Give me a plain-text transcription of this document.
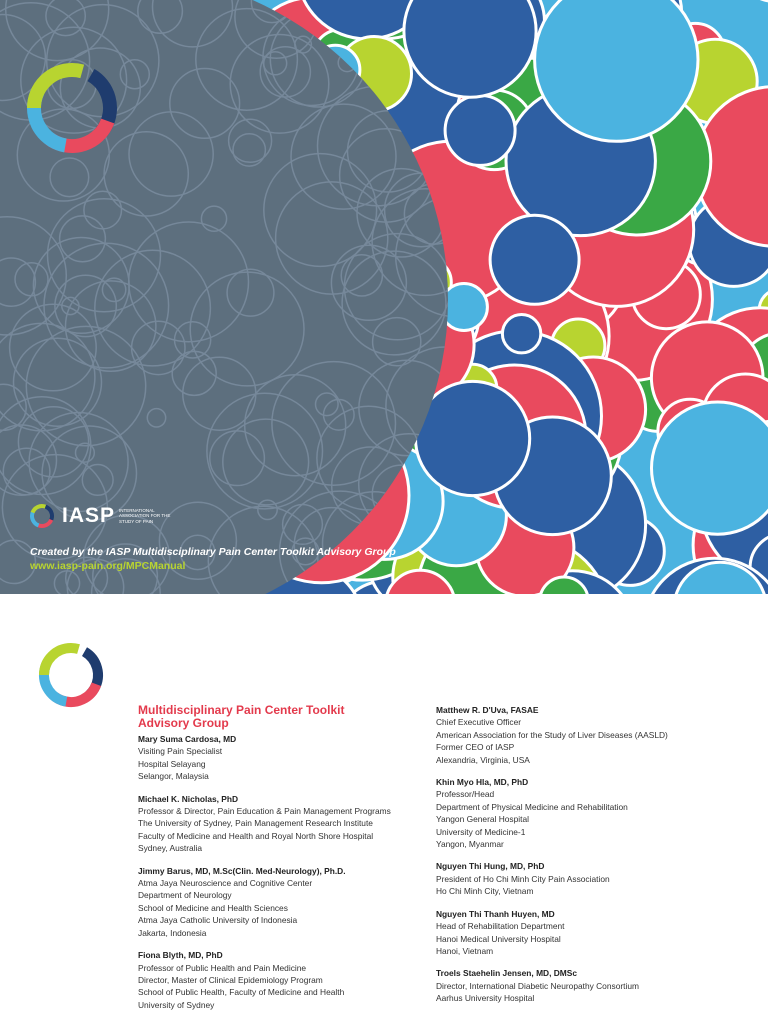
IASP INTERNATIONAL ASSOCIATION FOR THE STUDY OF PAIN
Created by the IASP Multidisciplinary Pain Center Toolkit Advisory Group
www.iasp-pain.org/MPCManual
Multidisciplinary Pain Center Toolkit Advisory Group
Mary Suma Cardosa, MD
Visiting Pain Specialist
Hospital Selayang
Selangor, Malaysia
Michael K. Nicholas, PhD
Professor & Director, Pain Education & Pain Management Programs
The University of Sydney, Pain Management Research Institute
Faculty of Medicine and Health and Royal North Shore Hospital
Sydney, Australia
Jimmy Barus, MD, M.Sc(Clin. Med-Neurology), Ph.D.
Atma Jaya Neuroscience and Cognitive Center
Department of Neurology
School of Medicine and Health Sciences
Atma Jaya Catholic University of Indonesia
Jakarta, Indonesia
Fiona Blyth, MD, PhD
Professor of Public Health and Pain Medicine
Director, Master of Clinical Epidemiology Program
School of Public Health, Faculty of Medicine and Health
University of Sydney
Matthew R. D'Uva, FASAE
Chief Executive Officer
American Association for the Study of Liver Diseases (AASLD)
Former CEO of IASP
Alexandria, Virginia, USA
Khin Myo Hla, MD, PhD
Professor/Head
Department of Physical Medicine and Rehabilitation
Yangon General Hospital
University of Medicine-1
Yangon, Myanmar
Nguyen Thi Hung, MD, PhD
President of Ho Chi Minh City Pain Association
Ho Chi Minh City, Vietnam
Nguyen Thi Thanh Huyen, MD
Head of Rehabilitation Department
Hanoi Medical University Hospital
Hanoi, Vietnam
Troels Staehelin Jensen, MD, DMSc
Director, International Diabetic Neuropathy Consortium
Aarhus University Hospital
